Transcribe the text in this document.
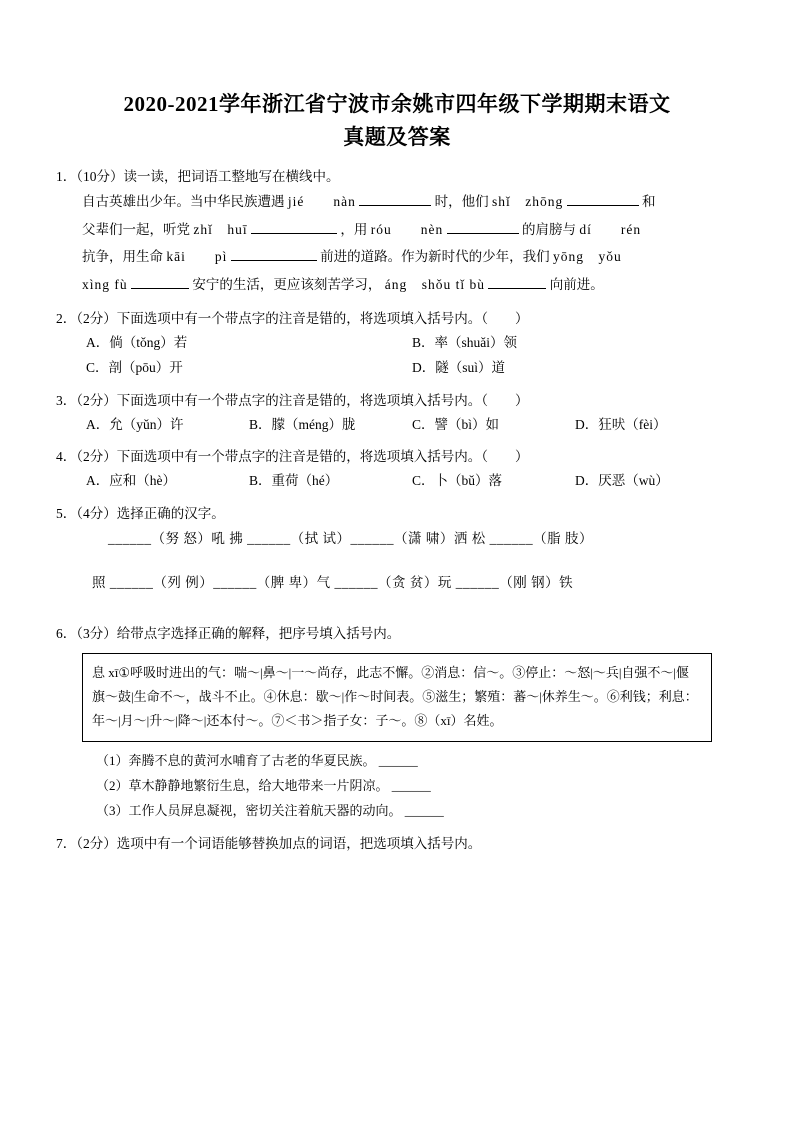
2020-2021学年浙江省宁波市余姚市四年级下学期期末语文
真题及答案

1．（10分）读一读，把词语工整地写在横线中。

自古英雄出少年。当中华民族遭遇 jié　　nàn	时，他们 shǐ　zhōng	和
父辈们一起，听党 zhǐ　huī	，用 róu　　nèn	的肩膀与 dí　　rén
抗争，用生命 kāi　　pì	前进的道路。作为新时代的少年，我们 yōng　yǒu
xìng fù	安宁的生活，更应该刻苦学习， áng　shǒu tǐ bù	向前进。

2．（2分）下面选项中有一个带点字的注音是错的，将选项填入括号内。（　　）

A．倘（tǒng）若	B．率（shuǎi）领
C．剖（pōu）开	D．隧（suì）道

3．（2分）下面选项中有一个带点字的注音是错的，将选项填入括号内。（　　）

A．允（yǔn）许	B．朦（méng）胧	C．譬（bì）如	D．狂吠（fèi）

4．（2分）下面选项中有一个带点字的注音是错的，将选项填入括号内。（　　）

A．应和（hè）	B．重荷（hé）	C．卜（bǔ）落	D．厌恶（wù）

5．（4分）选择正确的汉字。

______（努 怒）吼 拂 ______（拭 试）______（潇 啸）洒 松 ______（脂 肢）
照 ______（列 例）______（脾 卑）气 ______（贪 贫）玩 ______（刚 钢）铁

6．（3分）给带点字选择正确的解释，把序号填入括号内。

息 xī①呼吸时进出的气：喘～|鼻～|一～尚存，此志不懈。②消息：信～。③停止：～怒|～兵|自强不～|偃旗～鼓|生命不～，战斗不止。④休息：歇～|作～时间表。⑤滋生；繁殖：蕃～|休养生～。⑥利钱；利息：年～|月～|升～|降～|还本付～。⑦＜书＞指子女：子～。⑧（xī）名姓。
（1）奔腾不息的黄河水哺育了古老的华夏民族。 ______
（2）草木静静地繁衍生息，给大地带来一片阴凉。 ______
（3）工作人员屏息凝视，密切关注着航天器的动向。 ______

7．（2分）选项中有一个词语能够替换加点的词语，把选项填入括号内。
